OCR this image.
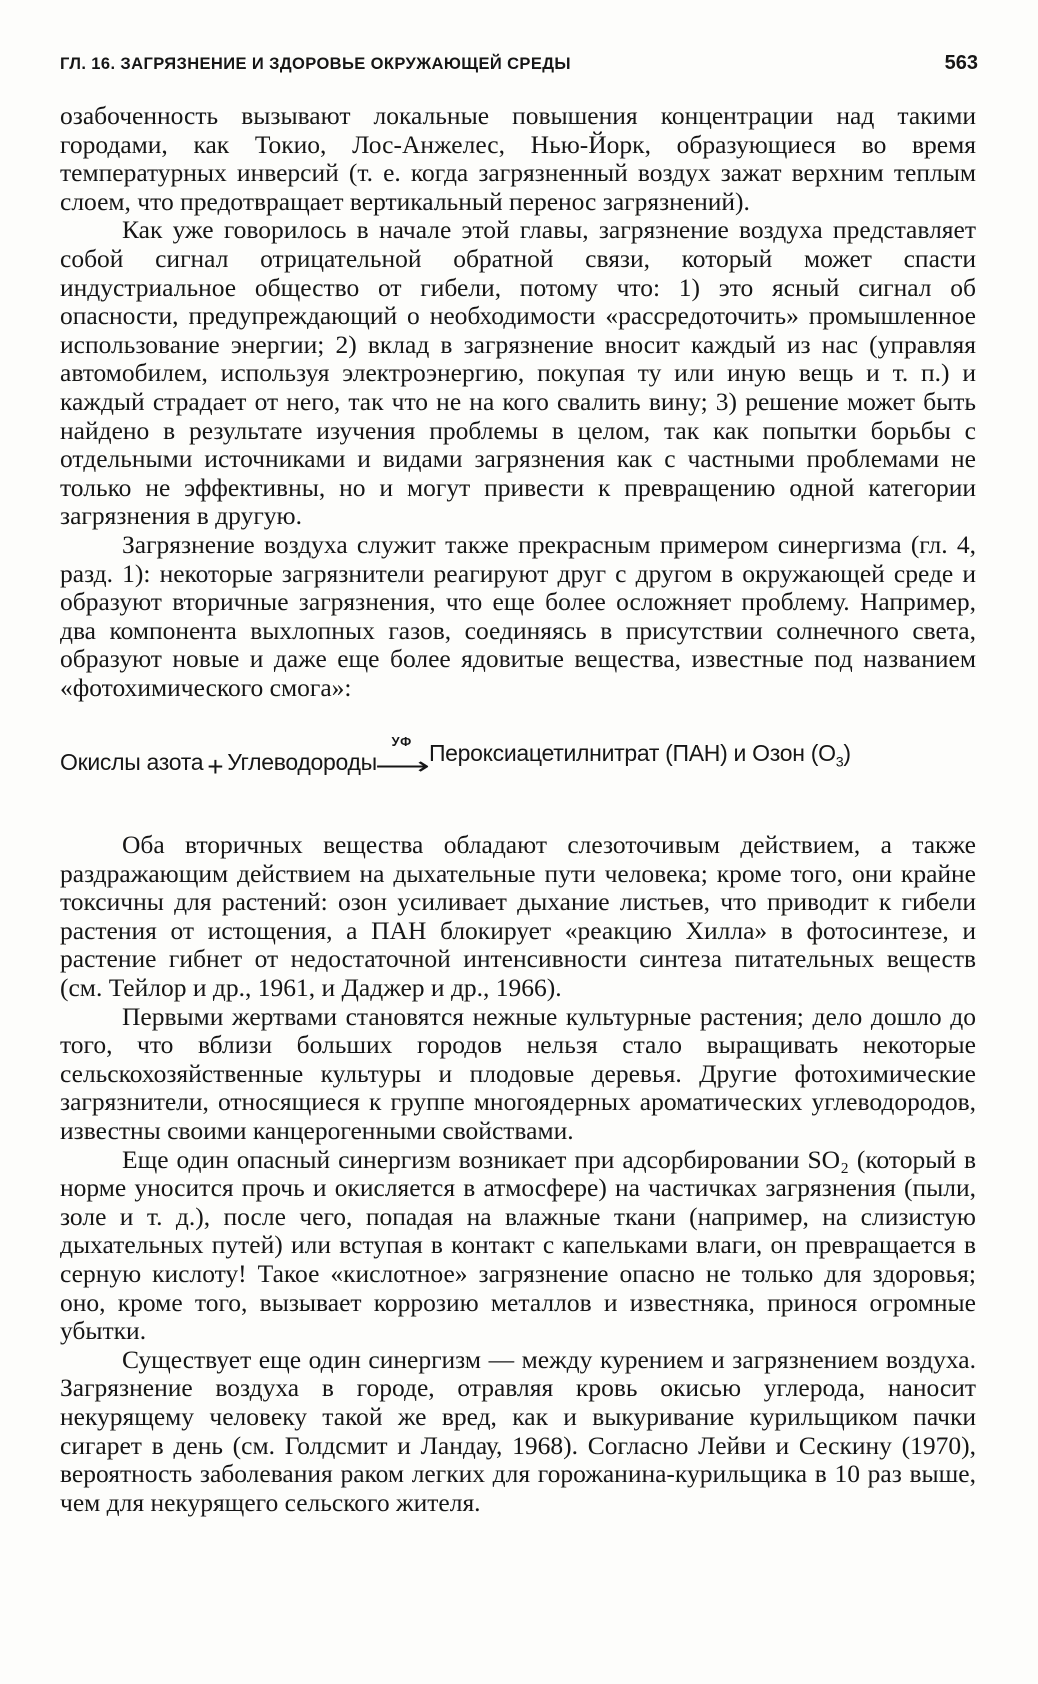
ГЛ. 16. ЗАГРЯЗНЕНИЕ И ЗДОРОВЬЕ ОКРУЖАЮЩЕЙ СРЕДЫ	563

озабоченность вызывают локальные повышения концентрации над такими городами, как Токио, Лос-Анжелес, Нью-Йорк, образующиеся во время температурных инверсий (т. е. когда загрязненный воздух зажат верхним теплым слоем, что предотвращает вертикальный перенос загрязнений).

Как уже говорилось в начале этой главы, загрязнение воздуха представляет собой сигнал отрицательной обратной связи, который может спасти индустриальное общество от гибели, потому что: 1) это ясный сигнал об опасности, предупреждающий о необходимости «рассредоточить» промышленное использование энергии; 2) вклад в загрязнение вносит каждый из нас (управляя автомобилем, используя электроэнергию, покупая ту или иную вещь и т. п.) и каждый страдает от него, так что не на кого свалить вину; 3) решение может быть найдено в результате изучения проблемы в целом, так как попытки борьбы с отдельными источниками и видами загрязнения как с частными проблемами не только не эффективны, но и могут привести к превращению одной категории загрязнения в другую.

Загрязнение воздуха служит также прекрасным примером синергизма (гл. 4, разд. 1): некоторые загрязнители реагируют друг с другом в окружающей среде и образуют вторичные загрязнения, что еще более осложняет проблему. Например, два компонента выхлопных газов, соединяясь в присутствии солнечного света, образуют новые и даже еще более ядовитые вещества, известные под названием «фотохимического смога»:

Окислы азота + Углеводороды
УФ
⟶
Пероксиацетилнитрат (ПАН) и Озон $(O_3)$

Оба вторичных вещества обладают слезоточивым действием, а также раздражающим действием на дыхательные пути человека; кроме того, они крайне токсичны для растений: озон усиливает дыхание листьев, что приводит к гибели растения от истощения, а ПАН блокирует «реакцию Хилла» в фотосинтезе, и растение гибнет от недостаточной интенсивности синтеза питательных веществ (см. Тейлор и др., 1961, и Даджер и др., 1966).

Первыми жертвами становятся нежные культурные растения; дело дошло до того, что вблизи больших городов нельзя стало выращивать некоторые сельскохозяйственные культуры и плодовые деревья. Другие фотохимические загрязнители, относящиеся к группе многоядерных ароматических углеводородов, известны своими канцерогенными свойствами.

Еще один опасный синергизм возникает при адсорбировании SO₂ (который в норме уносится прочь и окисляется в атмосфере) на частичках загрязнения (пыли, золе и т. д.), после чего, попадая на влажные ткани (например, на слизистую дыхательных путей) или вступая в контакт с капельками влаги, он превращается в серную кислоту! Такое «кислотное» загрязнение опасно не только для здоровья; оно, кроме того, вызывает коррозию металлов и известняка, принося огромные убытки.

Существует еще один синергизм — между курением и загрязнением воздуха. Загрязнение воздуха в городе, отравляя кровь окисью углерода, наносит некурящему человеку такой же вред, как и выкуривание курильщиком пачки сигарет в день (см. Голдсмит и Ландау, 1968). Согласно Лейви и Сескину (1970), вероятность заболевания раком легких для горожанина-курильщика в 10 раз выше, чем для некурящего сельского жителя.
